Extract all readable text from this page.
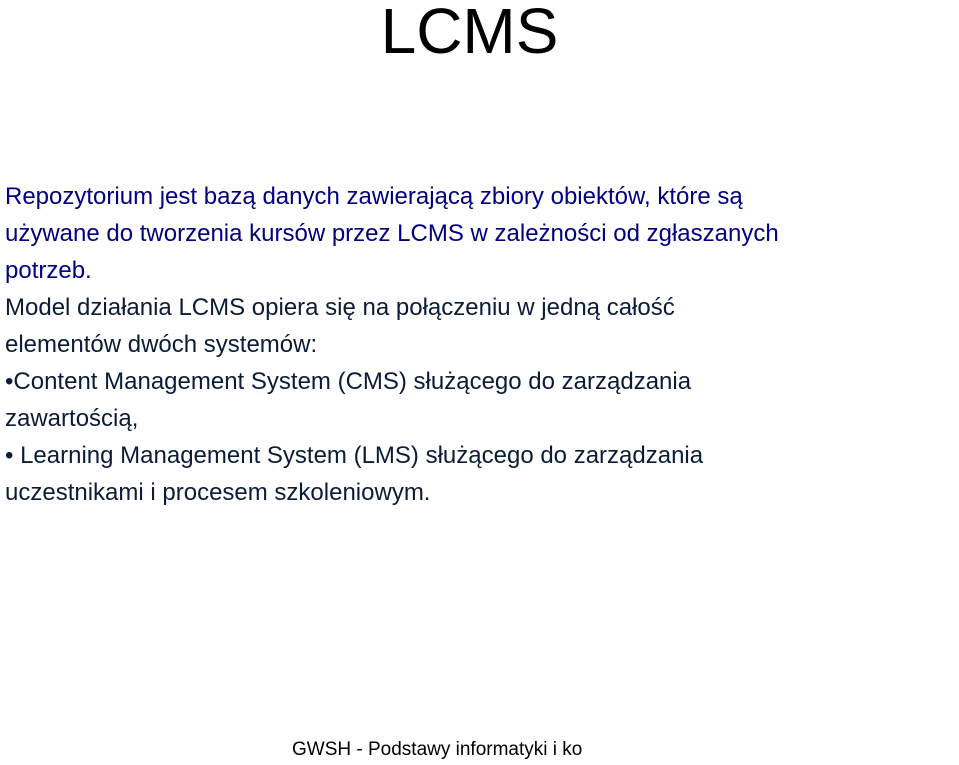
LCMS
Repozytorium jest bazą danych zawierającą zbiory obiektów, które są
używane do tworzenia kursów przez LCMS w zależności od zgłaszanych
potrzeb.
Model działania LCMS opiera się na połączeniu w jedną całość
elementów dwóch systemów:
•Content Management System (CMS) służącego do zarządzania
zawartością,
• Learning Management System (LMS) służącego do zarządzania
uczestnikami i procesem szkoleniowym.
GWSH - Podstawy informatyki i ko
